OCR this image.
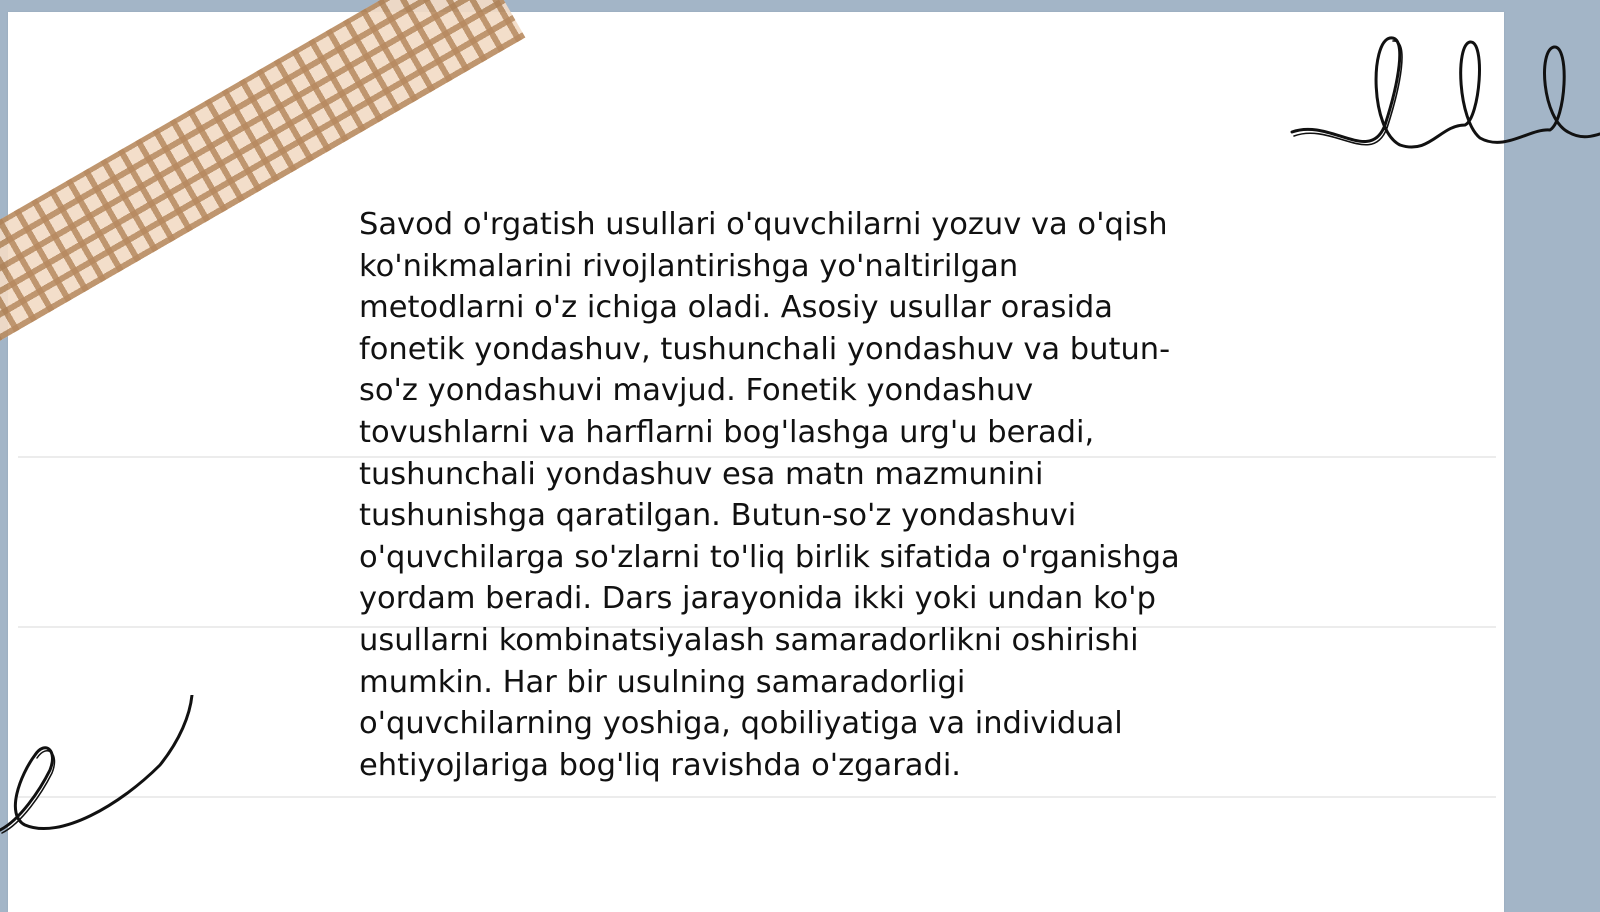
Savod o'rgatish usullari o'quvchilarni yozuv va o'qish
ko'nikmalarini rivojlantirishga yo'naltirilgan
metodlarni o'z ichiga oladi. Asosiy usullar orasida
fonetik yondashuv, tushunchali yondashuv va butun-
so'z yondashuvi mavjud. Fonetik yondashuv
tovushlarni va harflarni bog'lashga urg'u beradi,
tushunchali yondashuv esa matn mazmunini
tushunishga qaratilgan. Butun-so'z yondashuvi
o'quvchilarga so'zlarni to'liq birlik sifatida o'rganishga
yordam beradi. Dars jarayonida ikki yoki undan ko'p
usullarni kombinatsiyalash samaradorlikni oshirishi
mumkin. Har bir usulning samaradorligi
o'quvchilarning yoshiga, qobiliyatiga va individual
ehtiyojlariga bog'liq ravishda o'zgaradi.
